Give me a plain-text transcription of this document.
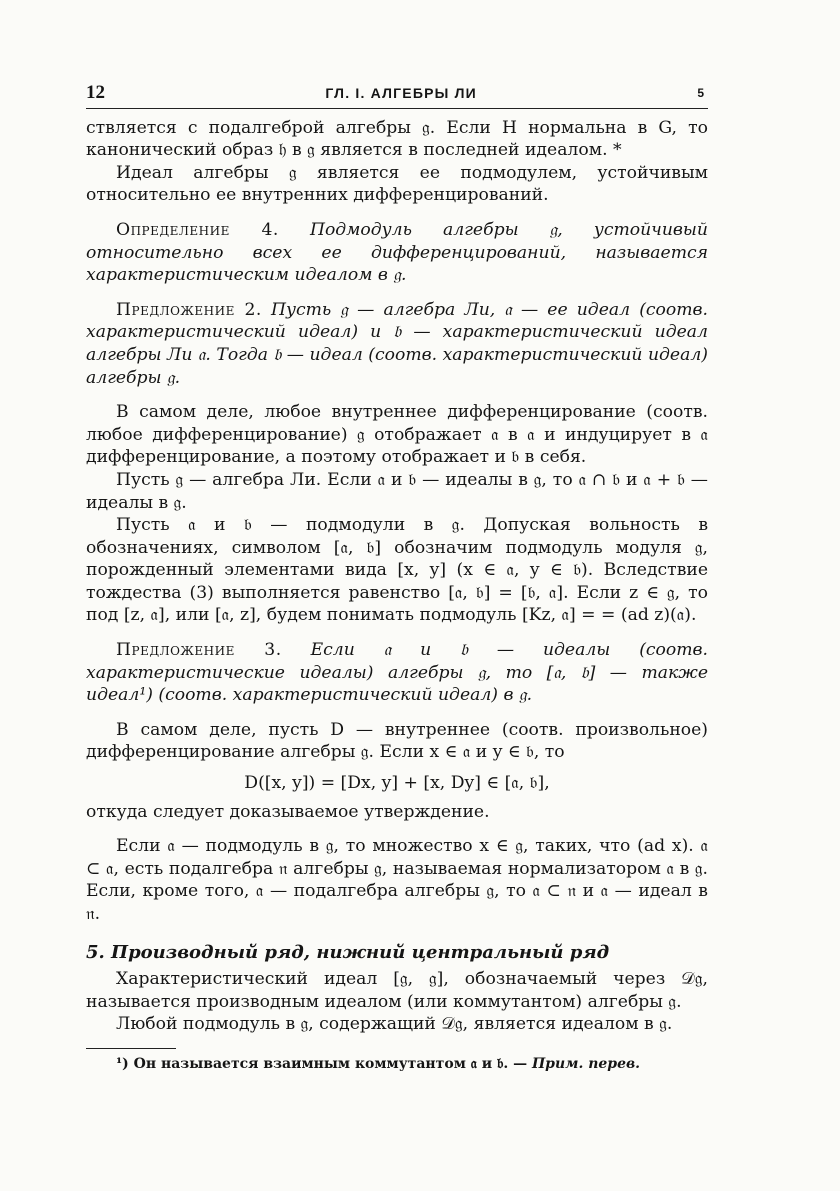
12	ГЛ. I. АЛГЕБРЫ ЛИ	5

ствляется с подалгеброй алгебры 𝔤. Если H нормальна в G, то канонический образ 𝔥 в 𝔤 является в последней идеалом. *

Идеал алгебры 𝔤 является ее подмодулем, устойчивым относительно ее внутренних дифференцирований.

Определение 4. Подмодуль алгебры 𝔤, устойчивый относительно всех ее дифференцирований, называется характеристическим идеалом в 𝔤.

Предложение 2. Пусть 𝔤 — алгебра Ли, 𝔞 — ее идеал (соотв. характеристический идеал) и 𝔟 — характеристический идеал алгебры Ли 𝔞. Тогда 𝔟 — идеал (соотв. характеристический идеал) алгебры 𝔤.

В самом деле, любое внутреннее дифференцирование (соотв. любое дифференцирование) 𝔤 отображает 𝔞 в 𝔞 и индуцирует в 𝔞 дифференцирование, а поэтому отображает и 𝔟 в себя.

Пусть 𝔤 — алгебра Ли. Если 𝔞 и 𝔟 — идеалы в 𝔤, то 𝔞 ∩ 𝔟 и 𝔞 + 𝔟 — идеалы в 𝔤.

Пусть 𝔞 и 𝔟 — подмодули в 𝔤. Допуская вольность в обозначениях, символом [𝔞, 𝔟] обозначим подмодуль модуля 𝔤, порожденный элементами вида [x, y] (x ∈ 𝔞, y ∈ 𝔟). Вследствие тождества (3) выполняется равенство [𝔞, 𝔟] = [𝔟, 𝔞]. Если z ∈ 𝔤, то под [z, 𝔞], или [𝔞, z], будем понимать подмодуль [Kz, 𝔞] = = (ad z)(𝔞).

Предложение 3. Если 𝔞 и 𝔟 — идеалы (соотв. характеристические идеалы) алгебры 𝔤, то [𝔞, 𝔟] — также идеал¹) (соотв. характеристический идеал) в 𝔤.

В самом деле, пусть D — внутреннее (соотв. произвольное) дифференцирование алгебры 𝔤. Если x ∈ 𝔞 и y ∈ 𝔟, то

D([x, y]) = [Dx, y] + [x, Dy] ∈ [𝔞, 𝔟],

откуда следует доказываемое утверждение.

Если 𝔞 — подмодуль в 𝔤, то множество x ∈ 𝔤, таких, что (ad x). 𝔞 ⊂ 𝔞, есть подалгебра 𝔫 алгебры 𝔤, называемая нормализатором 𝔞 в 𝔤. Если, кроме того, 𝔞 — подалгебра алгебры 𝔤, то 𝔞 ⊂ 𝔫 и 𝔞 — идеал в 𝔫.

5. Производный ряд, нижний центральный ряд

Характеристический идеал [𝔤, 𝔤], обозначаемый через 𝒟𝔤, называется производным идеалом (или коммутантом) алгебры 𝔤.

Любой подмодуль в 𝔤, содержащий 𝒟𝔤, является идеалом в 𝔤.

¹) Он называется взаимным коммутантом 𝔞 и 𝔟. — Прим. перев.
